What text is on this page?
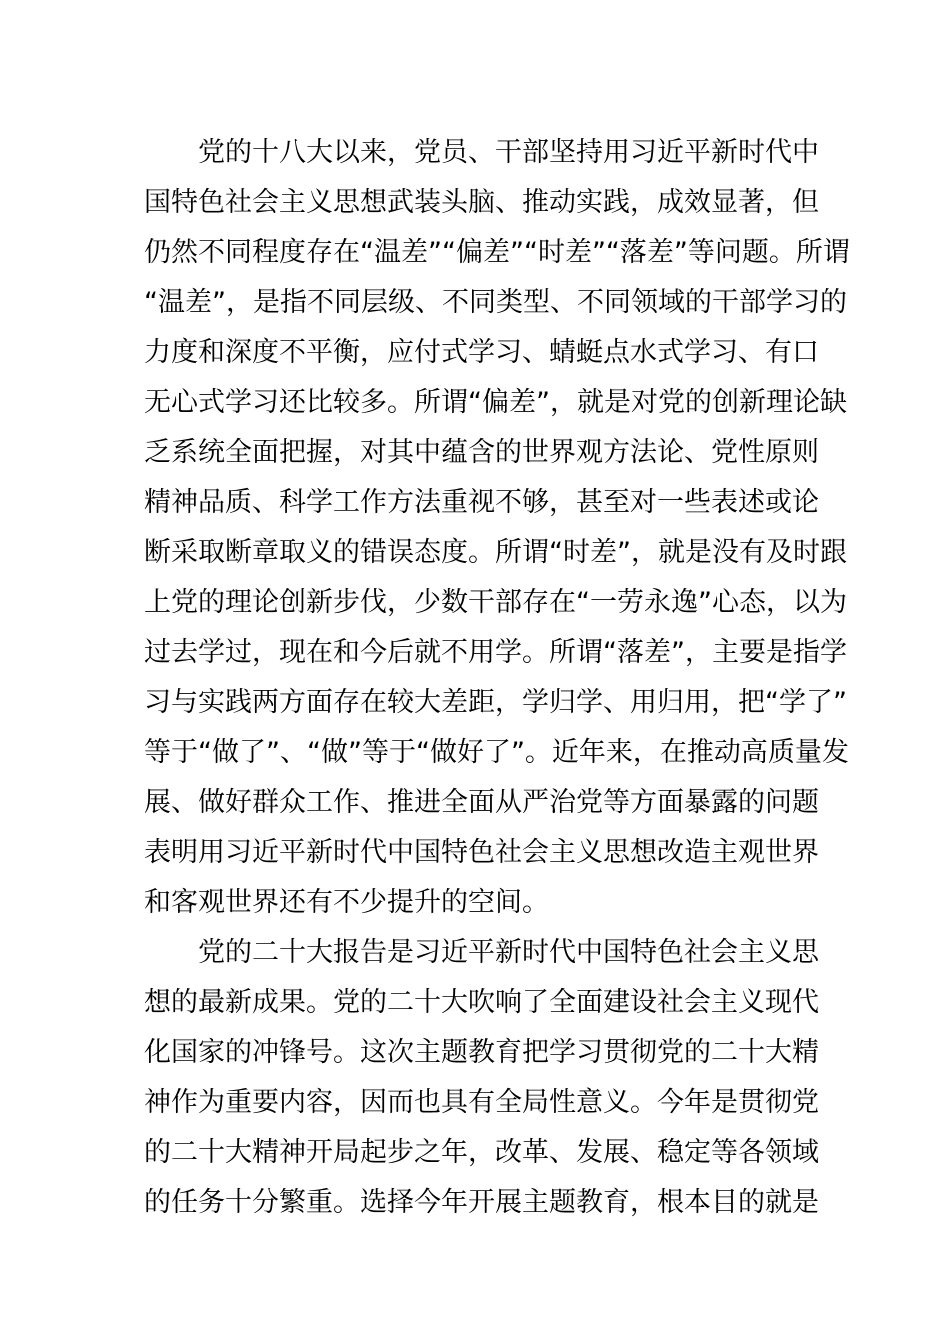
党的十八大以来，党员、干部坚持用习近平新时代中
国特色社会主义思想武装头脑、推动实践，成效显著，但
仍然不同程度存在“温差”“偏差”“时差”“落差”等问题。所谓
“温差”，是指不同层级、不同类型、不同领域的干部学习的
力度和深度不平衡，应付式学习、蜻蜓点水式学习、有口
无心式学习还比较多。所谓“偏差”，就是对党的创新理论缺
乏系统全面把握，对其中蕴含的世界观方法论、党性原则
精神品质、科学工作方法重视不够，甚至对一些表述或论
断采取断章取义的错误态度。所谓“时差”，就是没有及时跟
上党的理论创新步伐，少数干部存在“一劳永逸”心态，以为
过去学过，现在和今后就不用学。所谓“落差”，主要是指学
习与实践两方面存在较大差距，学归学、用归用，把“学了”
等于“做了”、“做”等于“做好了”。近年来，在推动高质量发
展、做好群众工作、推进全面从严治党等方面暴露的问题
表明用习近平新时代中国特色社会主义思想改造主观世界
和客观世界还有不少提升的空间。
党的二十大报告是习近平新时代中国特色社会主义思
想的最新成果。党的二十大吹响了全面建设社会主义现代
化国家的冲锋号。这次主题教育把学习贯彻党的二十大精
神作为重要内容，因而也具有全局性意义。今年是贯彻党
的二十大精神开局起步之年，改革、发展、稳定等各领域
的任务十分繁重。选择今年开展主题教育，根本目的就是
